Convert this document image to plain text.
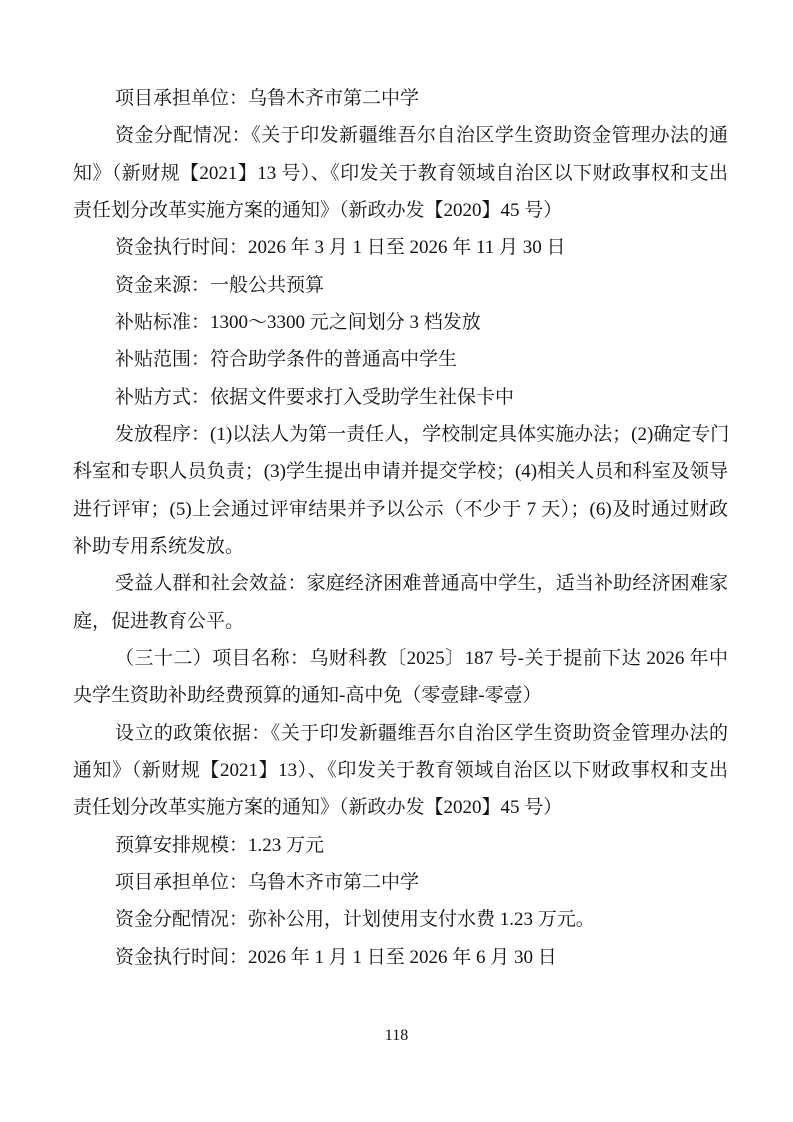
项目承担单位：乌鲁木齐市第二中学
资金分配情况：《关于印发新疆维吾尔自治区学生资助资金管理办法的通
知》（新财规【2021】13 号）、《印发关于教育领域自治区以下财政事权和支出
责任划分改革实施方案的通知》（新政办发【2020】45 号）
资金执行时间：2026 年 3 月 1 日至 2026 年 11 月 30 日
资金来源：一般公共预算
补贴标准：1300～3300 元之间划分 3 档发放
补贴范围：符合助学条件的普通高中学生
补贴方式：依据文件要求打入受助学生社保卡中
发放程序：(1)以法人为第一责任人，学校制定具体实施办法；(2)确定专门
科室和专职人员负责；(3)学生提出申请并提交学校；(4)相关人员和科室及领导
进行评审；(5)上会通过评审结果并予以公示（不少于 7 天）；(6)及时通过财政
补助专用系统发放。
受益人群和社会效益：家庭经济困难普通高中学生，适当补助经济困难家
庭，促进教育公平。
（三十二）项目名称：乌财科教〔2025〕187 号-关于提前下达 2026 年中
央学生资助补助经费预算的通知-高中免（零壹肆-零壹）
设立的政策依据：《关于印发新疆维吾尔自治区学生资助资金管理办法的
通知》（新财规【2021】13）、《印发关于教育领域自治区以下财政事权和支出
责任划分改革实施方案的通知》（新政办发【2020】45 号）
预算安排规模：1.23 万元
项目承担单位：乌鲁木齐市第二中学
资金分配情况：弥补公用，计划使用支付水费 1.23 万元。
资金执行时间：2026 年 1 月 1 日至 2026 年 6 月 30 日
118
